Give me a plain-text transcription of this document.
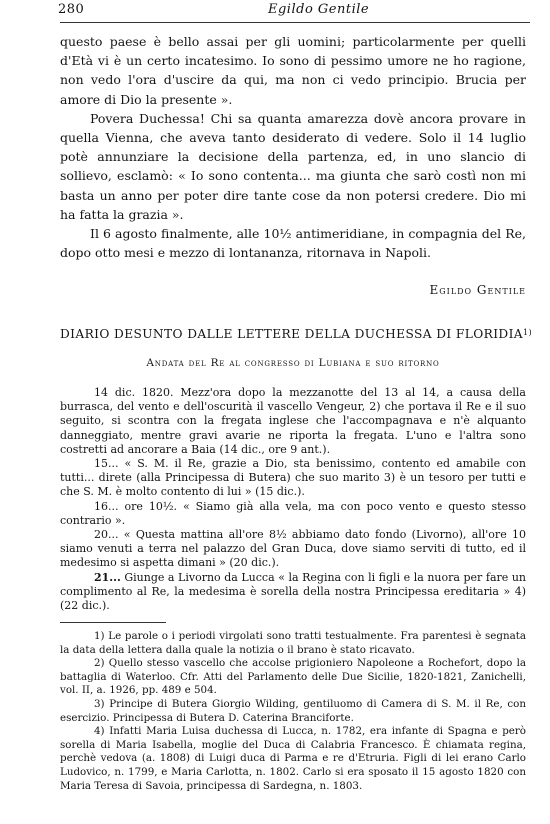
280	Egildo Gentile

questo paese è bello assai per gli uomini; particolarmente per quelli d'Età vi è un certo incatesimo. Io sono di pessimo umore ne ho ragione, non vedo l'ora d'uscire da qui, ma non ci vedo principio. Brucia per amore di Dio la presente ».

Povera Duchessa! Chi sa quanta amarezza dovè ancora provare in quella Vienna, che aveva tanto desiderato di vedere. Solo il 14 luglio potè annunziare la decisione della partenza, ed, in uno slancio di sollievo, esclamò: « Io sono contenta... ma giunta che sarò costì non mi basta un anno per poter dire tante cose da non potersi credere. Dio mi ha fatta la grazia ».

Il 6 agosto finalmente, alle 10½ antimeridiane, in compagnia del Re, dopo otto mesi e mezzo di lontananza, ritornava in Napoli.

Egildo Gentile

DIARIO DESUNTO DALLE LETTERE DELLA DUCHESSA DI FLORIDIA$^{1)}$

Andata del Re al congresso di Lubiana e suo ritorno

14 dic. 1820. Mezz'ora dopo la mezzanotte del 13 al 14, a causa della burrasca, del vento e dell'oscurità il vascello Vengeur, 2) che portava il Re e il suo seguito, si scontra con la fregata inglese che l'accompagnava e n'è alquanto danneggiato, mentre gravi avarie ne riporta la fregata. L'uno e l'altra sono costretti ad ancorare a Baia (14 dic., ore 9 ant.).

15... « S. M. il Re, grazie a Dio, sta benissimo, contento ed amabile con tutti... direte (alla Principessa di Butera) che suo marito 3) è un tesoro per tutti e che S. M. è molto contento di lui » (15 dic.).

16... ore 10½. « Siamo già alla vela, ma con poco vento e questo stesso contrario ».

20... « Questa mattina all'ore 8½ abbiamo dato fondo (Livorno), all'ore 10 siamo venuti a terra nel palazzo del Gran Duca, dove siamo serviti di tutto, ed il medesimo si aspetta dimani » (20 dic.).

21... Giunge a Livorno da Lucca « la Regina con li figli e la nuora per fare un complimento al Re, la medesima è sorella della nostra Principessa ereditaria » 4) (22 dic.).

1) Le parole o i periodi virgolati sono tratti testualmente. Fra parentesi è segnata la data della lettera dalla quale la notizia o il brano è stato ricavato.

2) Quello stesso vascello che accolse prigioniero Napoleone a Rochefort, dopo la battaglia di Waterloo. Cfr. Atti del Parlamento delle Due Sicilie, 1820-1821, Zanichelli, vol. II, a. 1926, pp. 489 e 504.

3) Principe di Butera Giorgio Wilding, gentiluomo di Camera di S. M. il Re, con esercizio. Principessa di Butera D. Caterina Branciforte.

4) Infatti Maria Luisa duchessa di Lucca, n. 1782, era infante di Spagna e però sorella di Maria Isabella, moglie del Duca di Calabria Francesco. È chiamata regina, perchè vedova (a. 1808) di Luigi duca di Parma e re d'Etruria. Figli di lei erano Carlo Ludovico, n. 1799, e Maria Carlotta, n. 1802. Carlo si era sposato il 15 agosto 1820 con Maria Teresa di Savoia, principessa di Sardegna, n. 1803.
